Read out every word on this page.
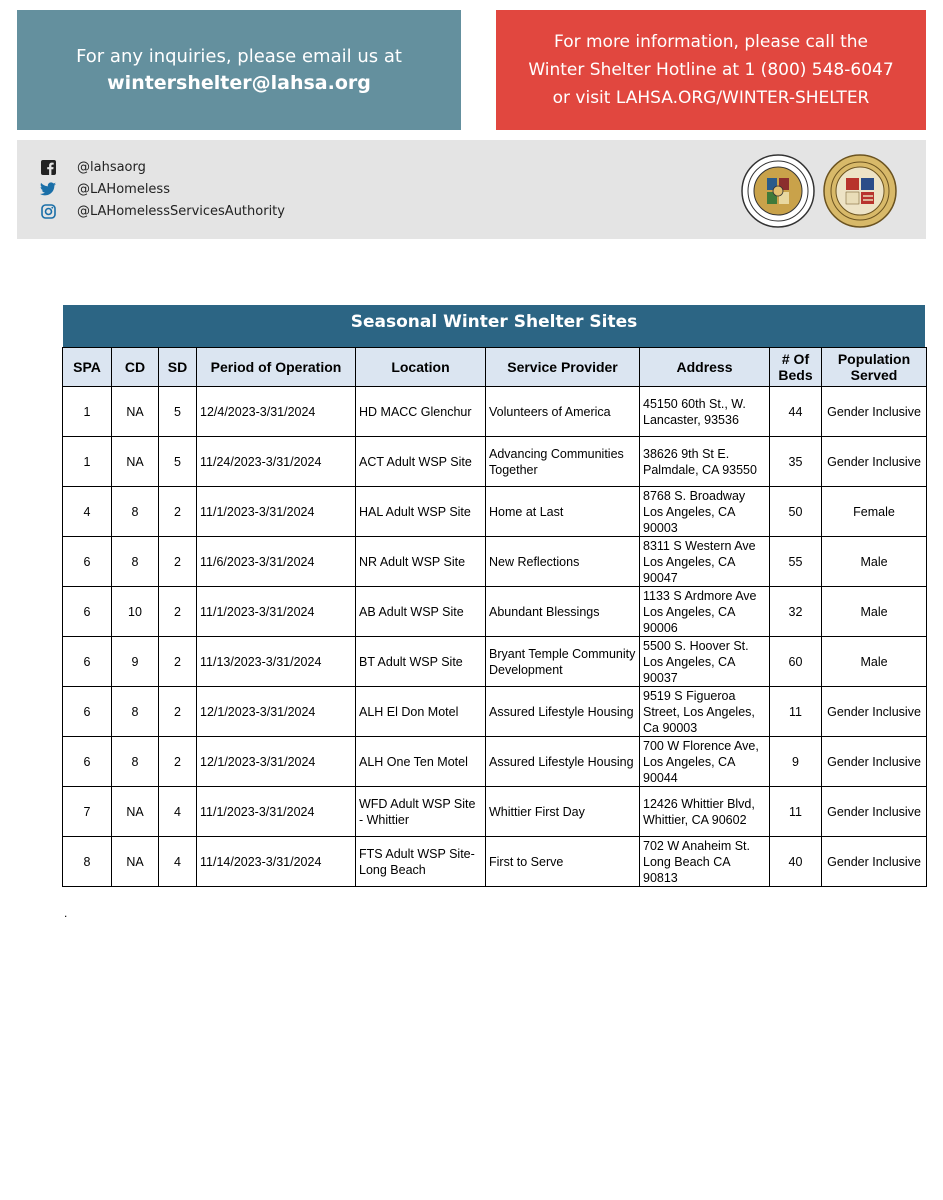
For any inquiries, please email us at
wintershelter@lahsa.org
For more information, please call the
Winter Shelter Hotline at 1 (800) 548-6047
or visit LAHSA.ORG/WINTER-SHELTER
@lahsaorg
@LAHomeless
@LAHomelessServicesAuthority
Seasonal Winter Shelter Sites
SPA	CD	SD	Period of Operation	Location	Service Provider	Address	# Of Beds	Population Served
1	NA	5	12/4/2023-3/31/2024	HD MACC Glenchur	Volunteers of America	45150 60th St., W. Lancaster, 93536	44	Gender Inclusive
1	NA	5	11/24/2023-3/31/2024	ACT Adult WSP Site	Advancing Communities Together	38626 9th St E. Palmdale, CA 93550	35	Gender Inclusive
4	8	2	11/1/2023-3/31/2024	HAL Adult WSP Site	Home at Last	8768 S. Broadway Los Angeles, CA 90003	50	Female
6	8	2	11/6/2023-3/31/2024	NR Adult WSP Site	New Reflections	8311 S Western Ave Los Angeles, CA 90047	55	Male
6	10	2	11/1/2023-3/31/2024	AB Adult WSP Site	Abundant Blessings	1133 S Ardmore Ave Los Angeles, CA 90006	32	Male
6	9	2	11/13/2023-3/31/2024	BT Adult WSP Site	Bryant Temple Community Development	5500 S. Hoover St. Los Angeles, CA 90037	60	Male
6	8	2	12/1/2023-3/31/2024	ALH El Don Motel	Assured Lifestyle Housing	9519 S Figueroa Street, Los Angeles, Ca 90003	11	Gender Inclusive
6	8	2	12/1/2023-3/31/2024	ALH One Ten Motel	Assured Lifestyle Housing	700 W Florence Ave, Los Angeles, CA 90044	9	Gender Inclusive
7	NA	4	11/1/2023-3/31/2024	WFD Adult WSP Site - Whittier	Whittier First Day	12426 Whittier Blvd, Whittier, CA 90602	11	Gender Inclusive
8	NA	4	11/14/2023-3/31/2024	FTS Adult WSP Site- Long Beach	First to Serve	702 W Anaheim St. Long Beach CA 90813	40	Gender Inclusive
.
